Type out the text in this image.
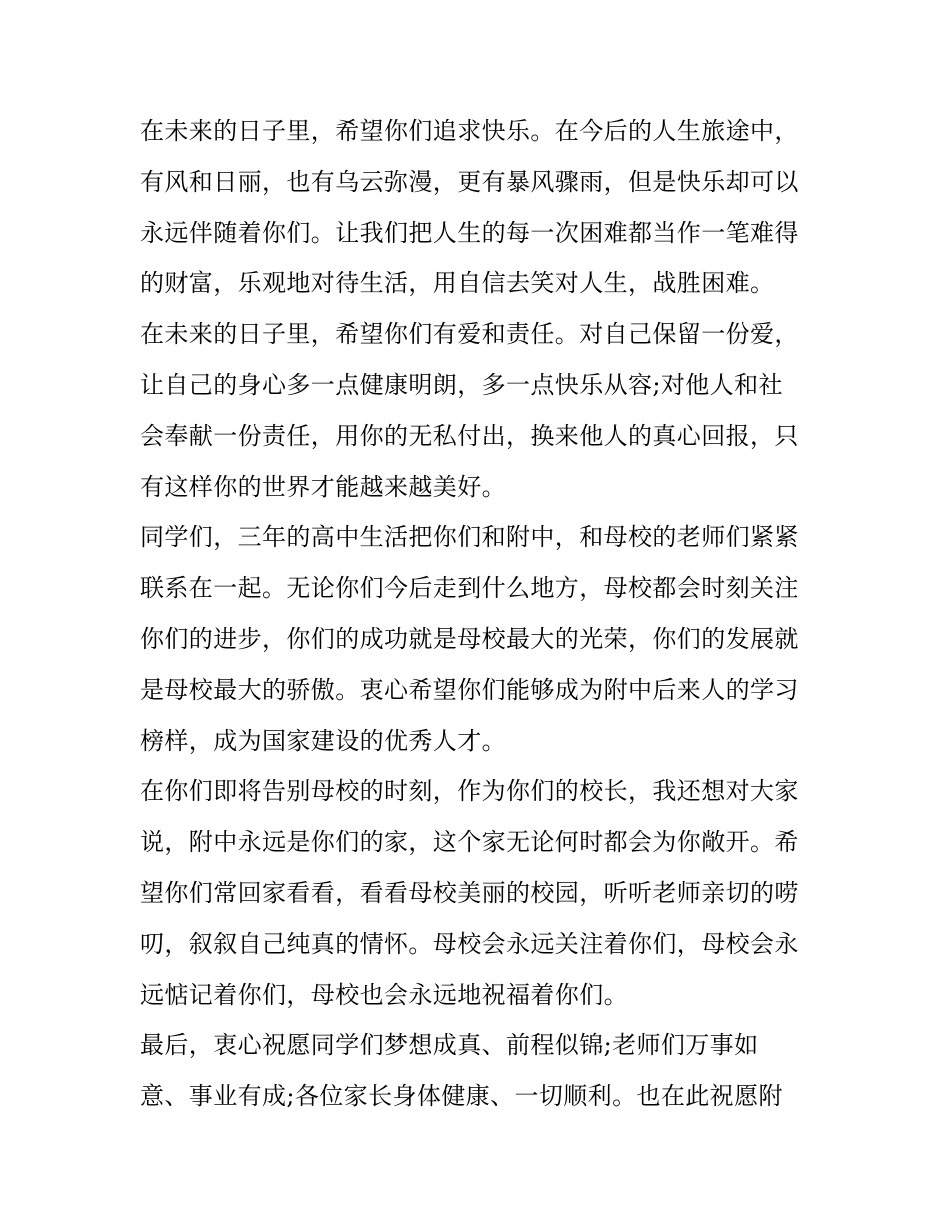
在未来的日子里，希望你们追求快乐。在今后的人生旅途中，
有风和日丽，也有乌云弥漫，更有暴风骤雨，但是快乐却可以
永远伴随着你们。让我们把人生的每一次困难都当作一笔难得
的财富，乐观地对待生活，用自信去笑对人生，战胜困难。
在未来的日子里，希望你们有爱和责任。对自己保留一份爱，
让自己的身心多一点健康明朗，多一点快乐从容;对他人和社
会奉献一份责任，用你的无私付出，换来他人的真心回报，只
有这样你的世界才能越来越美好。
同学们，三年的高中生活把你们和附中，和母校的老师们紧紧
联系在一起。无论你们今后走到什么地方，母校都会时刻关注
你们的进步，你们的成功就是母校最大的光荣，你们的发展就
是母校最大的骄傲。衷心希望你们能够成为附中后来人的学习
榜样，成为国家建设的优秀人才。
在你们即将告别母校的时刻，作为你们的校长，我还想对大家
说，附中永远是你们的家，这个家无论何时都会为你敞开。希
望你们常回家看看，看看母校美丽的校园，听听老师亲切的唠
叨，叙叙自己纯真的情怀。母校会永远关注着你们，母校会永
远惦记着你们，母校也会永远地祝福着你们。
最后，衷心祝愿同学们梦想成真、前程似锦;老师们万事如
意、事业有成;各位家长身体健康、一切顺利。也在此祝愿附
